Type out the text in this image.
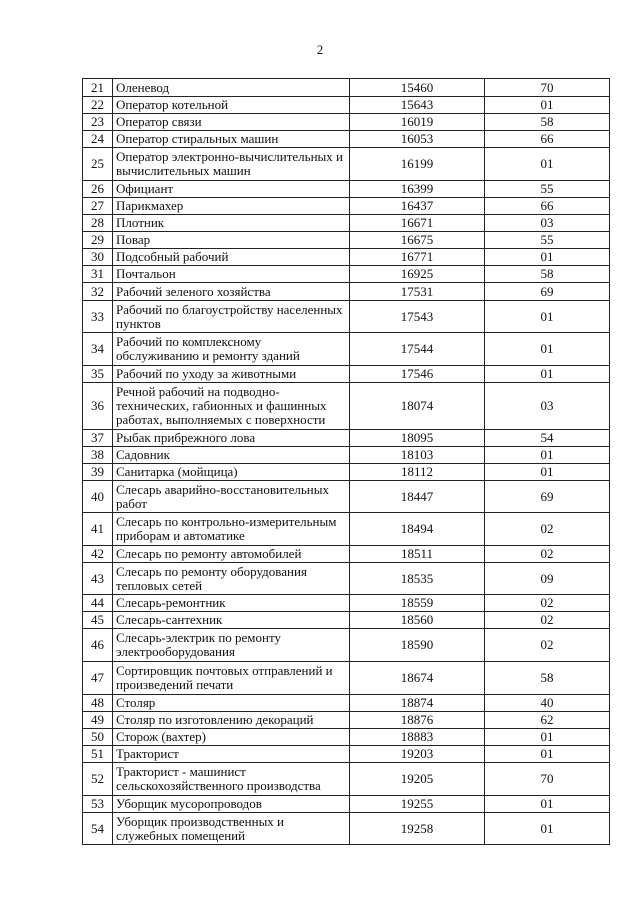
2
21	Оленевод	15460	70
22	Оператор котельной	15643	01
23	Оператор связи	16019	58
24	Оператор стиральных машин	16053	66
25	Оператор электронно-вычислительных и вычислительных машин	16199	01
26	Официант	16399	55
27	Парикмахер	16437	66
28	Плотник	16671	03
29	Повар	16675	55
30	Подсобный рабочий	16771	01
31	Почтальон	16925	58
32	Рабочий зеленого хозяйства	17531	69
33	Рабочий по благоустройству населенных пунктов	17543	01
34	Рабочий по комплексному обслуживанию и ремонту зданий	17544	01
35	Рабочий по уходу за животными	17546	01
36	Речной рабочий на подводно-технических, габионных и фашинных работах, выполняемых с поверхности	18074	03
37	Рыбак прибрежного лова	18095	54
38	Садовник	18103	01
39	Санитарка (мойщица)	18112	01
40	Слесарь аварийно-восстановительных работ	18447	69
41	Слесарь по контрольно-измерительным приборам и автоматике	18494	02
42	Слесарь по ремонту автомобилей	18511	02
43	Слесарь по ремонту оборудования тепловых сетей	18535	09
44	Слесарь-ремонтник	18559	02
45	Слесарь-сантехник	18560	02
46	Слесарь-электрик по ремонту электрооборудования	18590	02
47	Сортировщик почтовых отправлений и произведений печати	18674	58
48	Столяр	18874	40
49	Столяр по изготовлению декораций	18876	62
50	Сторож (вахтер)	18883	01
51	Тракторист	19203	01
52	Тракторист - машинист сельскохозяйственного производства	19205	70
53	Уборщик мусоропроводов	19255	01
54	Уборщик производственных и служебных помещений	19258	01
